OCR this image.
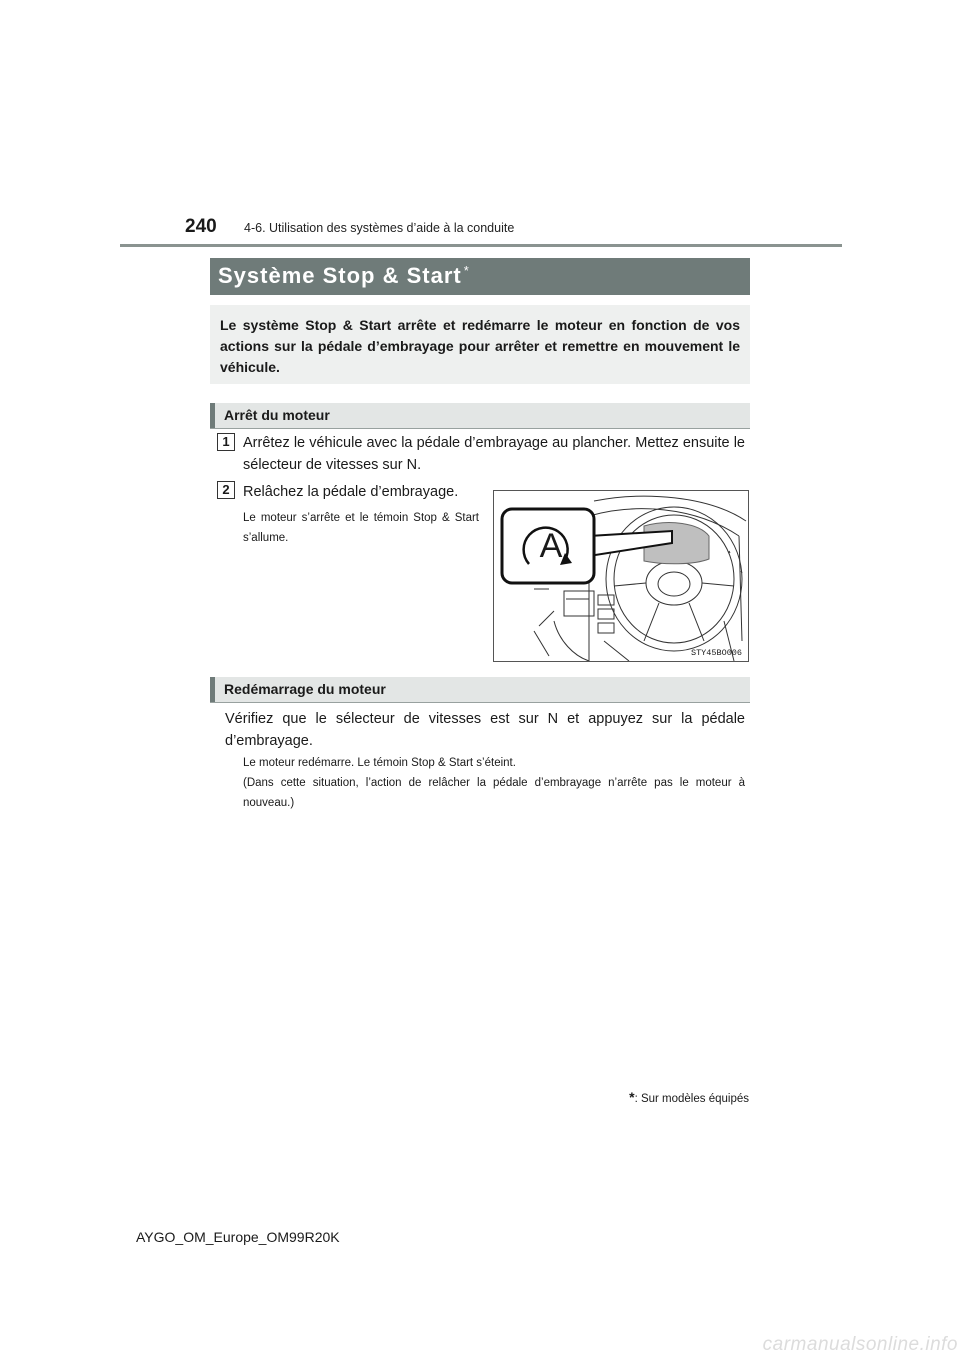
240 4-6. Utilisation des systèmes d’aide à la conduite
Système Stop & Start *
Le système Stop & Start arrête et redémarre le moteur en fonction de vos actions sur la pédale d’embrayage pour arrêter et remettre en mouvement le véhicule.
Arrêt du moteur
1 Arrêtez le véhicule avec la pédale d’embrayage au plancher. Mettez ensuite le sélecteur de vitesses sur N.
2 Relâchez la pédale d’embrayage.
Le moteur s’arrête et le témoin Stop & Start s’allume.	A
STY45BO006
Redémarrage du moteur
Vérifiez que le sélecteur de vitesses est sur N et appuyez sur la pédale d’embrayage.
Le moteur redémarre. Le témoin Stop & Start s’éteint.
(Dans cette situation, l’action de relâcher la pédale d’embrayage n’arrête pas le moteur à nouveau.)
*: Sur modèles équipés
AYGO_OM_Europe_OM99R20K
carmanualsonline.info
